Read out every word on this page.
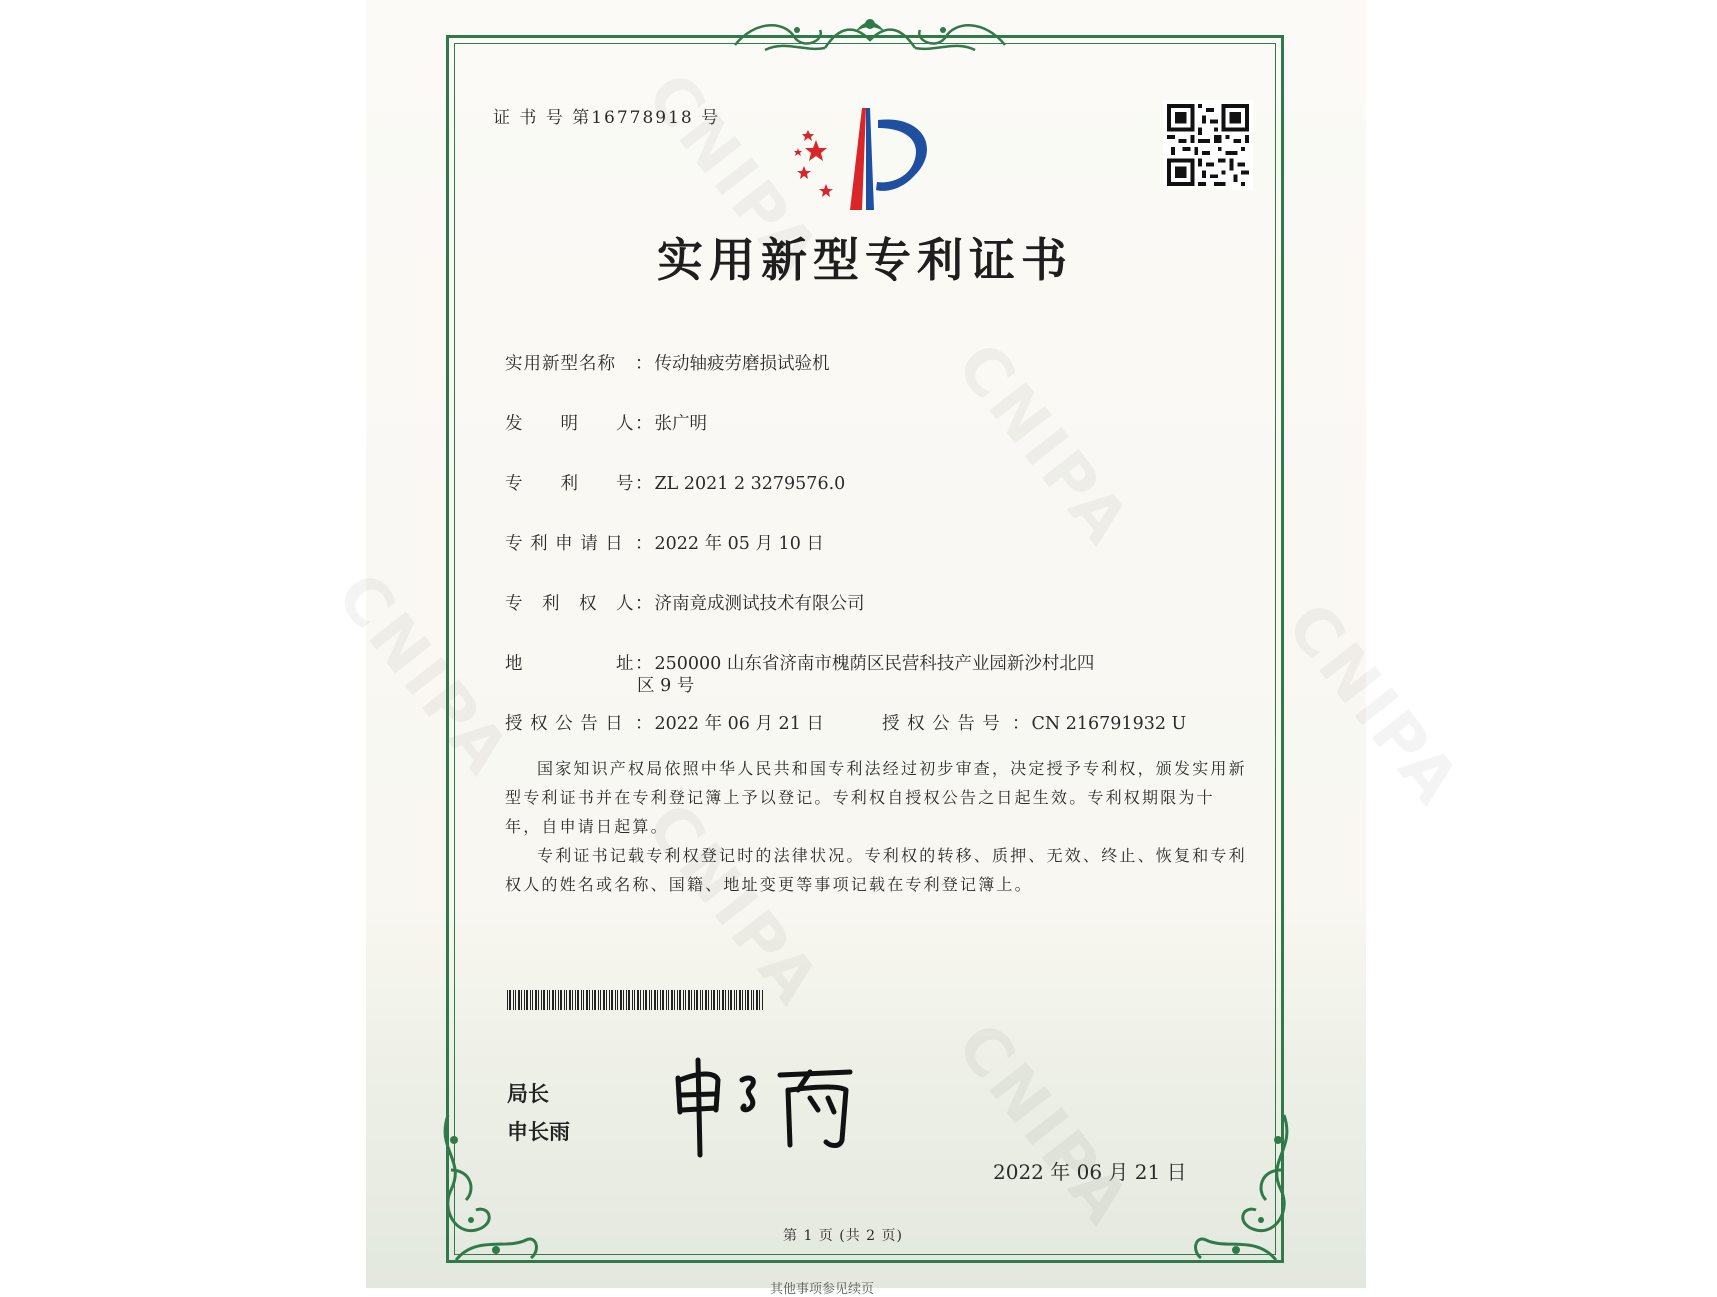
证 书 号 第16778918 号
实用新型专利证书
实用新型名称 ： 传动轴疲劳磨损试验机
发　　明　　人： 张广明
专　　利　　号： ZL 2021 2 3279576.0
专 利 申 请 日 ： 2022 年 05 月 10 日
专　利　权　人： 济南竟成测试技术有限公司
地　　　　　址： 250000 山东省济南市槐荫区民营科技产业园新沙村北四
区 9 号
授 权 公 告 日 ： 2022 年 06 月 21 日	授 权 公 告 号 ： CN 216791932 U

国家知识产权局依照中华人民共和国专利法经过初步审查，决定授予专利权，颁发实用新型专利证书并在专利登记簿上予以登记。专利权自授权公告之日起生效。专利权期限为十年，自申请日起算。

专利证书记载专利权登记时的法律状况。专利权的转移、质押、无效、终止、恢复和专利权人的姓名或名称、国籍、地址变更等事项记载在专利登记簿上。

局长
申长雨
2022 年 06 月 21 日
第 1 页 (共 2 页)
其他事项参见续页
